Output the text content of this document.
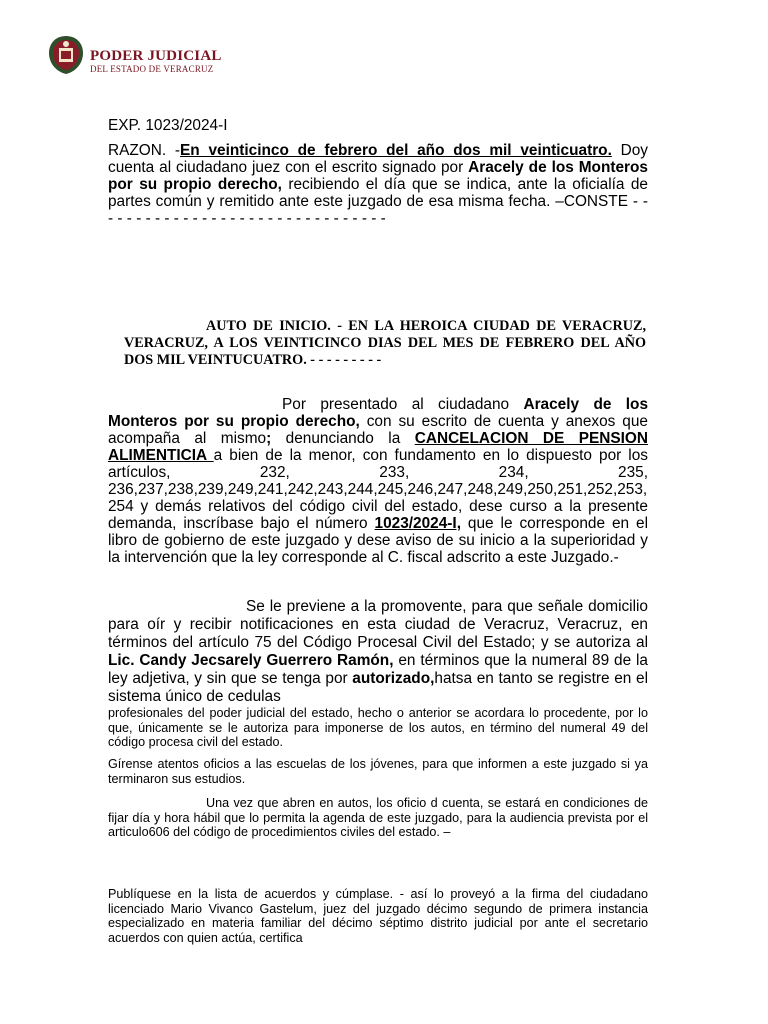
PODER JUDICIAL
DEL ESTADO DE VERACRUZ
EXP. 1023/2024-I
RAZON. -En veinticinco de febrero del año dos mil veinticuatro. Doy cuenta al ciudadano juez con el escrito signado por Aracely de los Monteros por su propio derecho, recibiendo el día que se indica, ante la oficialía de partes común y remitido ante este juzgado de esa misma fecha. –CONSTE - - - - - - - - - - - - - - - - - - - - - - - - - - - - - - - -
AUTO DE INICIO. - EN LA HEROICA CIUDAD DE VERACRUZ, VERACRUZ, A LOS VEINTICINCO DIAS DEL MES DE FEBRERO DEL AÑO DOS MIL VEINTUCUATRO. - - - - - - - - -
Por presentado al ciudadano Aracely de los Monteros por su propio derecho, con su escrito de cuenta y anexos que acompaña al mismo; denunciando la CANCELACION DE PENSION ALIMENTICIA a bien de la menor, con fundamento en lo dispuesto por los artículos, 232, 233, 234, 235, 236,237,238,239,249,241,242,243,244,245,246,247,248,249,250,251,252,253, 254 y demás relativos del código civil del estado, dese curso a la presente demanda, inscríbase bajo el número 1023/2024-I, que le corresponde en el libro de gobierno de este juzgado y dese aviso de su inicio a la superioridad y la intervención que la ley corresponde al C. fiscal adscrito a este Juzgado.-
Se le previene a la promovente, para que señale domicilio para oír y recibir notificaciones en esta ciudad de Veracruz, Veracruz, en términos del artículo 75 del Código Procesal Civil del Estado; y se autoriza al Lic. Candy Jecsarely Guerrero Ramón, en términos que la numeral 89 de la ley adjetiva, y sin que se tenga por autorizado,hatsa en tanto se registre en el sistema único de cedulas
profesionales del poder judicial del estado, hecho o anterior se acordara lo procedente, por lo que, únicamente se le autoriza para imponerse de los autos, en término del numeral 49 del código procesa civil del estado.
Gírense atentos oficios a las escuelas de los jóvenes, para que informen a este juzgado si ya terminaron sus estudios.
Una vez que abren en autos, los oficio d cuenta, se estará en condiciones de fijar día y hora hábil que lo permita la agenda de este juzgado, para la audiencia prevista por el articulo606 del código de procedimientos civiles del estado. –
Publíquese en la lista de acuerdos y cúmplase. - así lo proveyó a la firma del ciudadano licenciado Mario Vivanco Gastelum, juez del juzgado décimo segundo de primera instancia especializado en materia familiar del décimo séptimo distrito judicial por ante el secretario acuerdos con quien actúa, certifica
